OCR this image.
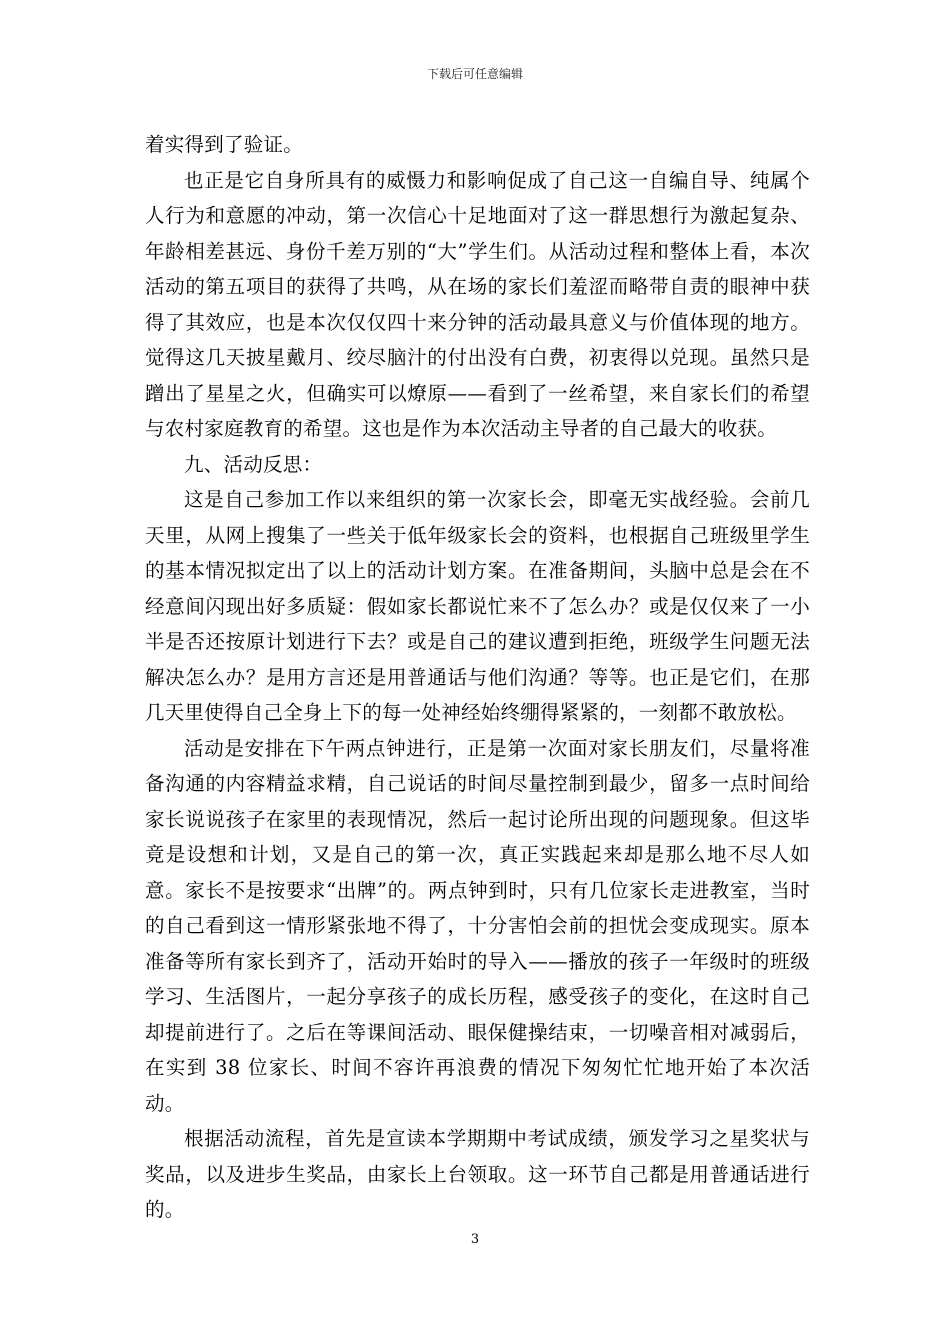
下载后可任意编辑

着实得到了验证。

也正是它自身所具有的威慑力和影响促成了自己这一自编自导、纯属个人行为和意愿的冲动，第一次信心十足地面对了这一群思想行为激起复杂、年龄相差甚远、身份千差万别的“大”学生们。从活动过程和整体上看，本次活动的第五项目的获得了共鸣，从在场的家长们羞涩而略带自责的眼神中获得了其效应，也是本次仅仅四十来分钟的活动最具意义与价值体现的地方。觉得这几天披星戴月、绞尽脑汁的付出没有白费，初衷得以兑现。虽然只是蹭出了星星之火，但确实可以燎原——看到了一丝希望，来自家长们的希望与农村家庭教育的希望。这也是作为本次活动主导者的自己最大的收获。

九、活动反思：

这是自己参加工作以来组织的第一次家长会，即毫无实战经验。会前几天里，从网上搜集了一些关于低年级家长会的资料，也根据自己班级里学生的基本情况拟定出了以上的活动计划方案。在准备期间，头脑中总是会在不经意间闪现出好多质疑：假如家长都说忙来不了怎么办？或是仅仅来了一小半是否还按原计划进行下去？或是自己的建议遭到拒绝，班级学生问题无法解决怎么办？是用方言还是用普通话与他们沟通？等等。也正是它们，在那几天里使得自己全身上下的每一处神经始终绷得紧紧的，一刻都不敢放松。

活动是安排在下午两点钟进行，正是第一次面对家长朋友们，尽量将准备沟通的内容精益求精，自己说话的时间尽量控制到最少，留多一点时间给家长说说孩子在家里的表现情况，然后一起讨论所出现的问题现象。但这毕竟是设想和计划，又是自己的第一次，真正实践起来却是那么地不尽人如意。家长不是按要求“出牌”的。两点钟到时，只有几位家长走进教室，当时的自己看到这一情形紧张地不得了，十分害怕会前的担忧会变成现实。原本准备等所有家长到齐了，活动开始时的导入——播放的孩子一年级时的班级学习、生活图片，一起分享孩子的成长历程，感受孩子的变化，在这时自己却提前进行了。之后在等课间活动、眼保健操结束，一切噪音相对减弱后，在实到 38 位家长、时间不容许再浪费的情况下匆匆忙忙地开始了本次活动。

根据活动流程，首先是宣读本学期期中考试成绩，颁发学习之星奖状与奖品，以及进步生奖品，由家长上台领取。这一环节自己都是用普通话进行的。

3
